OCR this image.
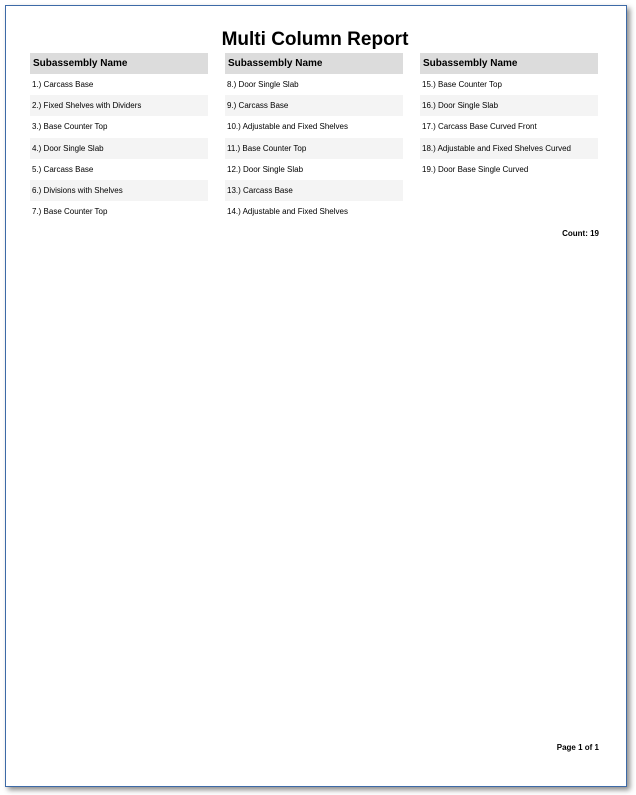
Multi Column Report
Subassembly Name
1.) Carcass Base
2.) Fixed Shelves with Dividers
3.) Base Counter Top
4.) Door Single Slab
5.) Carcass Base
6.) Divisions with Shelves
7.) Base Counter Top
Subassembly Name
8.) Door Single Slab
9.) Carcass Base
10.) Adjustable and Fixed Shelves
11.) Base Counter Top
12.) Door Single Slab
13.) Carcass Base
14.) Adjustable and Fixed Shelves
Subassembly Name
15.) Base Counter Top
16.) Door Single Slab
17.) Carcass Base Curved Front
18.) Adjustable and Fixed Shelves Curved
19.) Door Base Single Curved
Count: 19
Page 1 of 1
